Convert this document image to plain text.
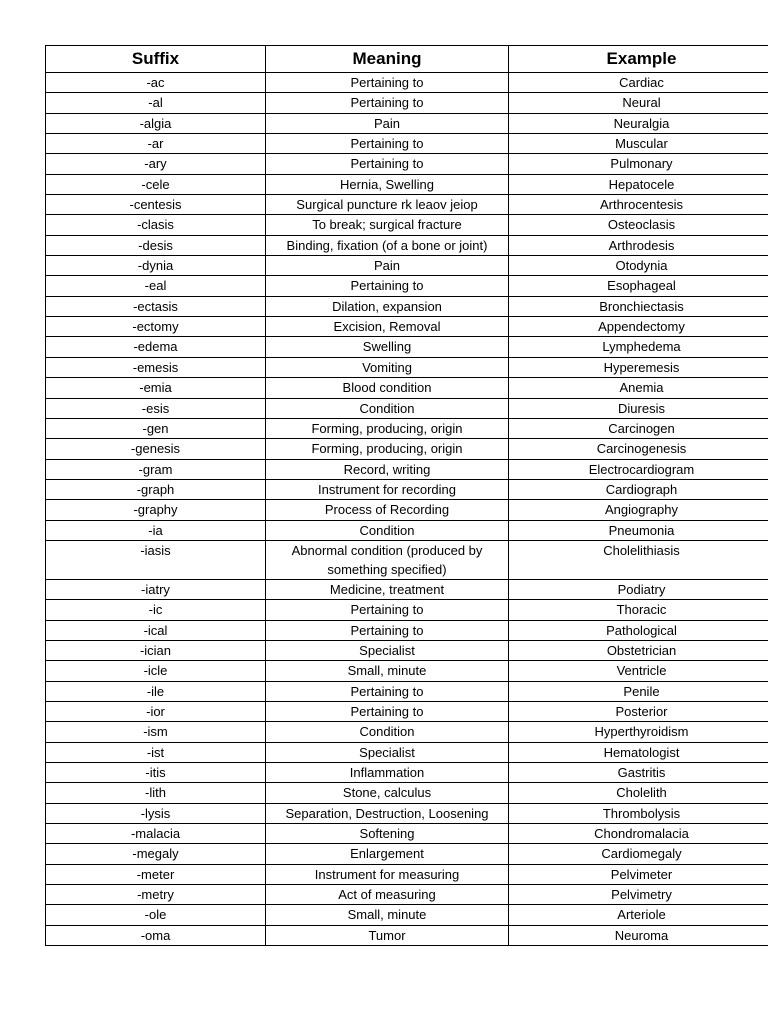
Suffix	Meaning	Example
-ac	Pertaining to	Cardiac
-al	Pertaining to	Neural
-algia	Pain	Neuralgia
-ar	Pertaining to	Muscular
-ary	Pertaining to	Pulmonary
-cele	Hernia, Swelling	Hepatocele
-centesis	Surgical puncture rk leaov jeiop	Arthrocentesis
-clasis	To break; surgical fracture	Osteoclasis
-desis	Binding, fixation (of a bone or joint)	Arthrodesis
-dynia	Pain	Otodynia
-eal	Pertaining to	Esophageal
-ectasis	Dilation, expansion	Bronchiectasis
-ectomy	Excision, Removal	Appendectomy
-edema	Swelling	Lymphedema
-emesis	Vomiting	Hyperemesis
-emia	Blood condition	Anemia
-esis	Condition	Diuresis
-gen	Forming, producing, origin	Carcinogen
-genesis	Forming, producing, origin	Carcinogenesis
-gram	Record, writing	Electrocardiogram
-graph	Instrument for recording	Cardiograph
-graphy	Process of Recording	Angiography
-ia	Condition	Pneumonia
-iasis	Abnormal condition (produced by something specified)	Cholelithiasis
-iatry	Medicine, treatment	Podiatry
-ic	Pertaining to	Thoracic
-ical	Pertaining to	Pathological
-ician	Specialist	Obstetrician
-icle	Small, minute	Ventricle
-ile	Pertaining to	Penile
-ior	Pertaining to	Posterior
-ism	Condition	Hyperthyroidism
-ist	Specialist	Hematologist
-itis	Inflammation	Gastritis
-lith	Stone, calculus	Cholelith
-lysis	Separation, Destruction, Loosening	Thrombolysis
-malacia	Softening	Chondromalacia
-megaly	Enlargement	Cardiomegaly
-meter	Instrument for measuring	Pelvimeter
-metry	Act of measuring	Pelvimetry
-ole	Small, minute	Arteriole
-oma	Tumor	Neuroma
